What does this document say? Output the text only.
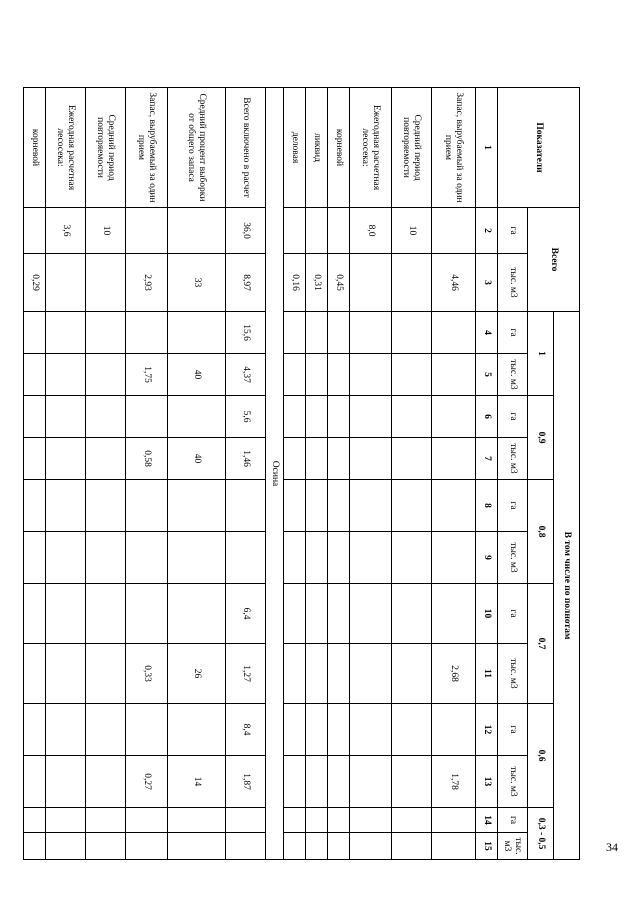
Показатели	Всего		В том числе по полнотам											
			1		0,9		0,8		0,7		0,6		0,3 - 0,5	
	га	тыс. м3	га	тыс. м3	га	тыс. м3	га	тыс. м3	га	тыс. м3	га	тыс. м3	га	тыс. м3
1	2	3	4	5	6	7	8	9	10	11	12	13	14	15
Запас, вырубаемый за один прием		4,46								2,68		1,78		
Средний период повторяемости	10													
Ежегодная расчетная лесосека:	8,0													
корневой		0,45												
ликвид		0,31												
деловая		0,16												
Осина														
Всего включено в расчет	36,0	8,97	15,6	4,37	5,6	1,46			6,4	1,27	8,4	1,87		
Средний процент выборки от общего запаса		33		40		40				26		14		
Запас, вырубаемый за один прием		2,93		1,75		0,58				0,33		0,27		
Средний период повторяемости	10													
Ежегодная расчетная лесосека:	3,6													
корневой		0,29												
34
